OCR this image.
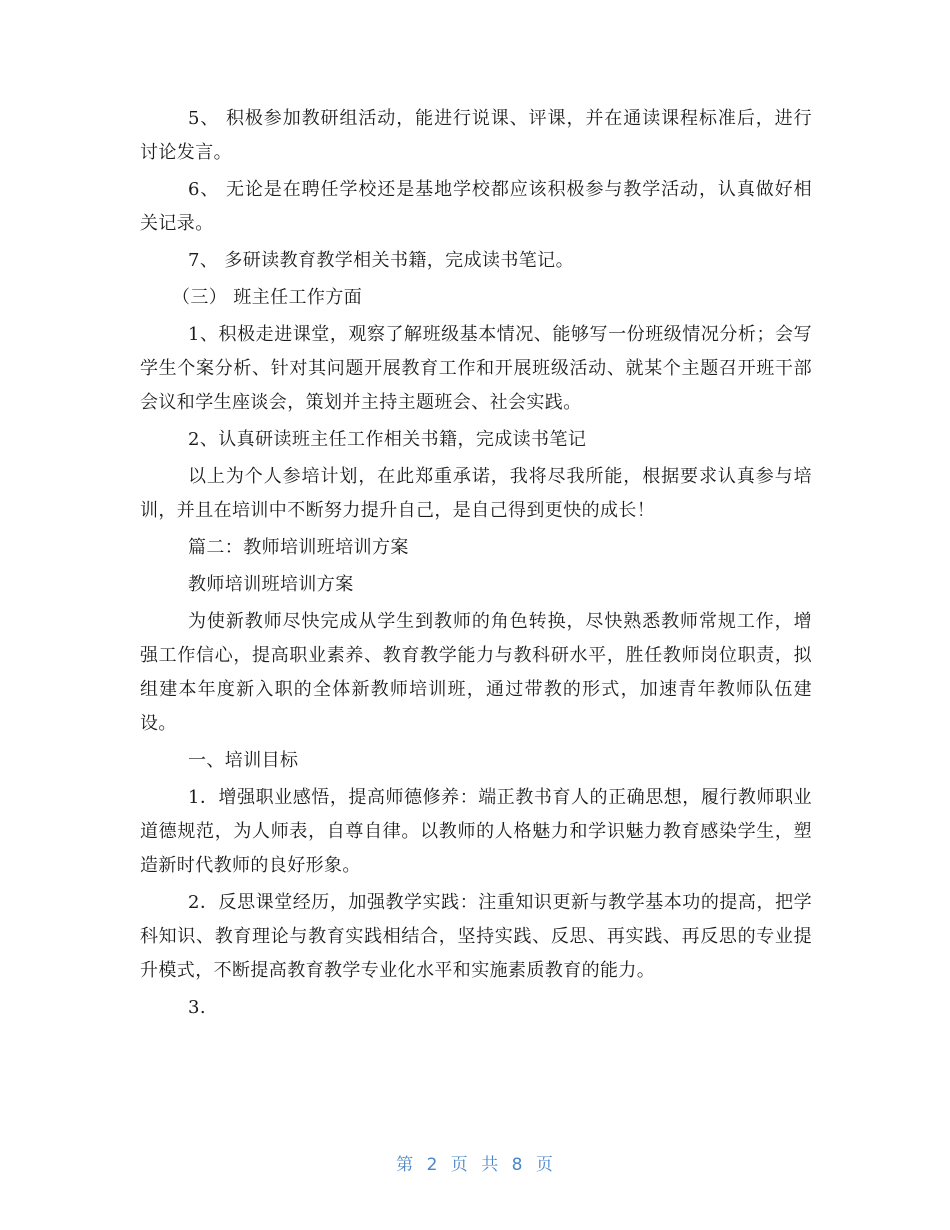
5、 积极参加教研组活动，能进行说课、评课，并在通读课程标准后，进行讨论发言。

6、 无论是在聘任学校还是基地学校都应该积极参与教学活动，认真做好相关记录。

7、 多研读教育教学相关书籍，完成读书笔记。

（三） 班主任工作方面

1、积极走进课堂，观察了解班级基本情况、能够写一份班级情况分析；会写学生个案分析、针对其问题开展教育工作和开展班级活动、就某个主题召开班干部会议和学生座谈会，策划并主持主题班会、社会实践。

2、认真研读班主任工作相关书籍，完成读书笔记

以上为个人参培计划，在此郑重承诺，我将尽我所能，根据要求认真参与培训，并且在培训中不断努力提升自己，是自己得到更快的成长！

篇二：教师培训班培训方案

教师培训班培训方案

为使新教师尽快完成从学生到教师的角色转换，尽快熟悉教师常规工作，增强工作信心，提高职业素养、教育教学能力与教科研水平，胜任教师岗位职责，拟组建本年度新入职的全体新教师培训班，通过带教的形式，加速青年教师队伍建设。

一、培训目标

1．增强职业感悟，提高师德修养：端正教书育人的正确思想，履行教师职业道德规范，为人师表，自尊自律。以教师的人格魅力和学识魅力教育感染学生，塑造新时代教师的良好形象。

2．反思课堂经历，加强教学实践：注重知识更新与教学基本功的提高，把学科知识、教育理论与教育实践相结合，坚持实践、反思、再实践、再反思的专业提升模式，不断提高教育教学专业化水平和实施素质教育的能力。

3.

第 2 页 共 8 页
